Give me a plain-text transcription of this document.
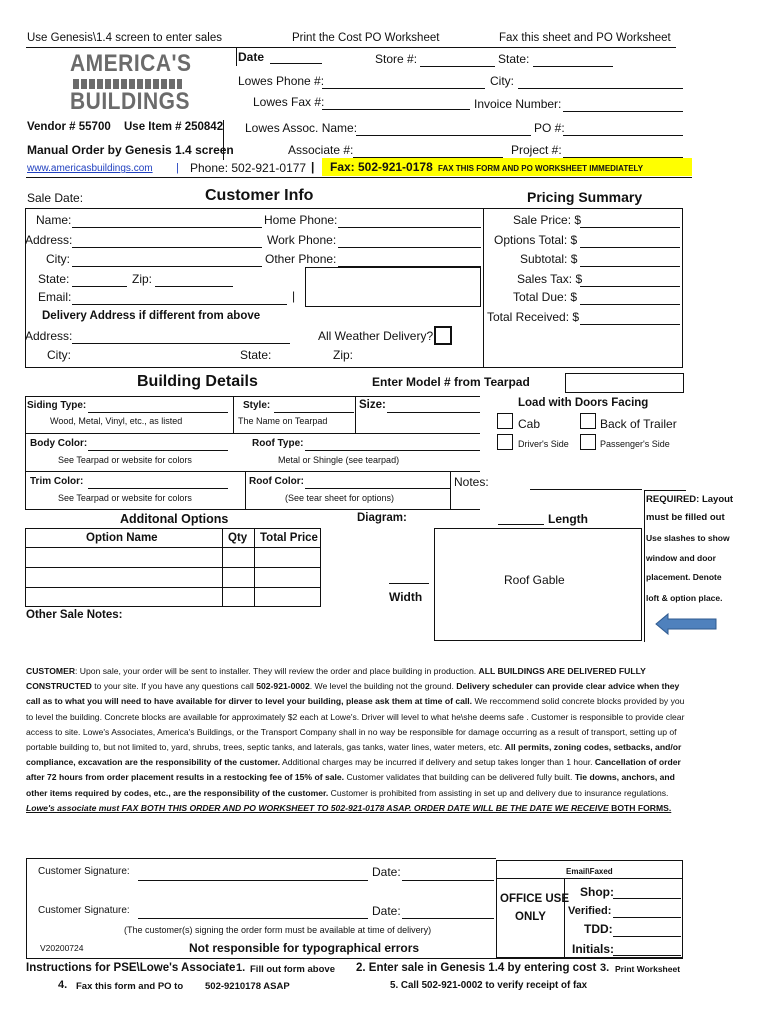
Use Genesis\1.4 screen to enter sales	Print the Cost PO Worksheet	Fax this sheet and PO Worksheet
AMERICA'S
BUILDINGS
Date	Store #:	State:
Lowes Phone #:	City:
Lowes Fax #:	Invoice Number:
Vendor # 55700 Use Item # 250842 Lowes Assoc. Name:	PO #:
Manual Order by Genesis 1.4 screen	Associate #:	Project #:
www.americasbuildings.com | Phone: 502-921-0177 | Fax: 502-921-0178 FAX THIS FORM AND PO WORKSHEET IMMEDIATELY
Sale Date:	Customer Info	Pricing Summary
Name:	Home Phone:
Address:	Work Phone:
City:	Other Phone:
State:	Zip:
Email:	|
Delivery Address if different from above
Address:	All Weather Delivery?
City:	State:	Zip:
Sale Price: $
Options Total: $
Subtotal: $
Sales Tax: $
Total Due: $
Total Received: $
Building Details	Enter Model # from Tearpad
Siding Type:
Wood, Metal, Vinyl, etc., as listed
Style:
The Name on Tearpad
Size:	Load with Doors Facing
Cab	Back of Trailer
Driver's Side	Passenger's Side
Body Color:
See Tearpad or website for colors
Roof Type:
Metal or Shingle (see tearpad)
Trim Color:
See Tearpad or website for colors
Roof Color:
(See tear sheet for options)
Notes:
REQUIRED: Layout
must be filled out
Use slashes to show
window and door
placement. Denote
loft & option place.
Additonal Options	Diagram:	Length
Option Name	Qty Total Price
Roof Gable
Width
Other Sale Notes:
CUSTOMER: Upon sale, your order will be sent to installer. They will review the order and place building in production. ALL BUILDINGS ARE DELIVERED FULLY CONSTRUCTED to your site. If you have any questions call 502-921-0002. We level the building not the ground. Delivery scheduler can provide clear advice when they call as to what you will need to have available for dirver to level your building, please ask them at time of call. We reccommend solid concrete blocks provided by you to level the building. Concrete blocks are available for approximately $2 each at Lowe's. Driver will level to what he\she deems safe . Customer is responsible to provide clear access to site. Lowe's Associates, America's Buildings, or the Transport Company shall in no way be responsible for damage occurring as a result of transport, setting up of portable building to, but not limited to, yard, shrubs, trees, septic tanks, and laterals, gas tanks, water lines, water meters, etc. All permits, zoning codes, setbacks, and/or compliance, excavation are the responsibility of the customer. Additional charges may be incurred if delivery and setup takes longer than 1 hour. Cancellation of order after 72 hours from order placement results in a restocking fee of 15% of sale. Customer validates that building can be delivered fully built. Tie downs, anchors, and other items required by codes, etc., are the responsibility of the customer. Customer is prohibited from assisting in set up and delivery due to insurance regulations. Lowe's associate must FAX BOTH THIS ORDER AND PO WORKSHEET TO 502-921-0178 ASAP. ORDER DATE WILL BE THE DATE WE RECEIVE BOTH FORMS.
Customer Signature:	Date:
Customer Signature:	Date:
(The customer(s) signing the order form must be available at time of delivery)
V20200724	Not responsible for typographical errors
Email\Faxed
OFFICE USE
ONLY
Shop:
Verified:
TDD:
Initials:
Instructions for PSE\Lowe's Associate 1. Fill out form above 2. Enter sale in Genesis 1.4 by entering cost 3. Print Worksheet
4. Fax this form and PO to 502-9210178 ASAP	5. Call 502-921-0002 to verify receipt of fax
